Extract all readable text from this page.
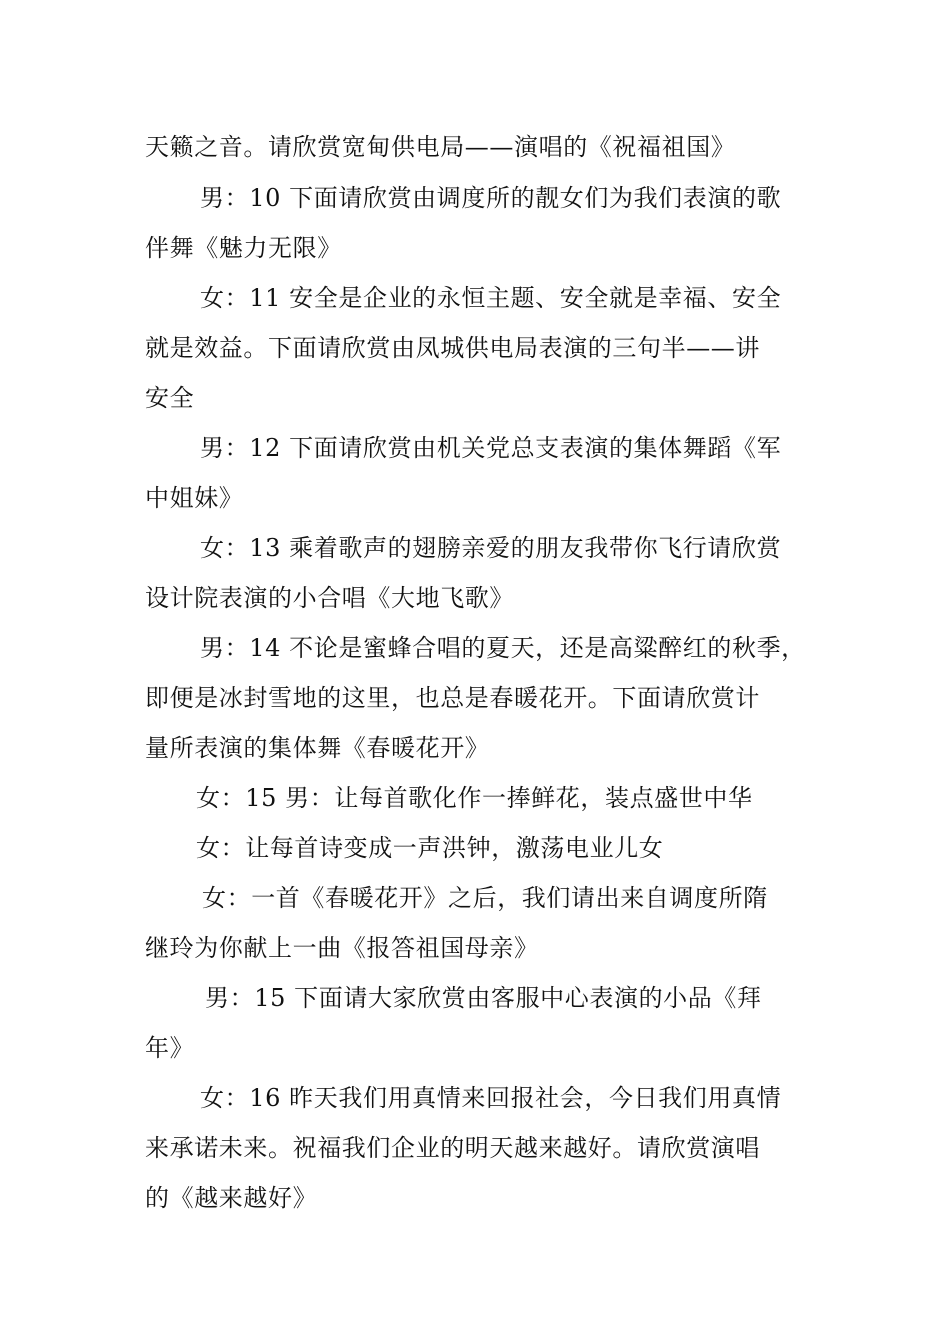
天籁之音。请欣赏宽甸供电局——演唱的《祝福祖国》
男：10 下面请欣赏由调度所的靓女们为我们表演的歌
伴舞《魅力无限》
女：11 安全是企业的永恒主题、安全就是幸福、安全
就是效益。下面请欣赏由凤城供电局表演的三句半——讲
安全
男：12 下面请欣赏由机关党总支表演的集体舞蹈《军
中姐妹》
女：13 乘着歌声的翅膀亲爱的朋友我带你飞行请欣赏
设计院表演的小合唱《大地飞歌》
男：14 不论是蜜蜂合唱的夏天，还是高粱醉红的秋季，
即便是冰封雪地的这里，也总是春暖花开。下面请欣赏计
量所表演的集体舞《春暖花开》
女：15 男：让每首歌化作一捧鲜花，装点盛世中华
女：让每首诗变成一声洪钟，激荡电业儿女
女：一首《春暖花开》之后，我们请出来自调度所隋
继玲为你献上一曲《报答祖国母亲》
男：15 下面请大家欣赏由客服中心表演的小品《拜
年》
女：16 昨天我们用真情来回报社会，今日我们用真情
来承诺未来。祝福我们企业的明天越来越好。请欣赏演唱
的《越来越好》
